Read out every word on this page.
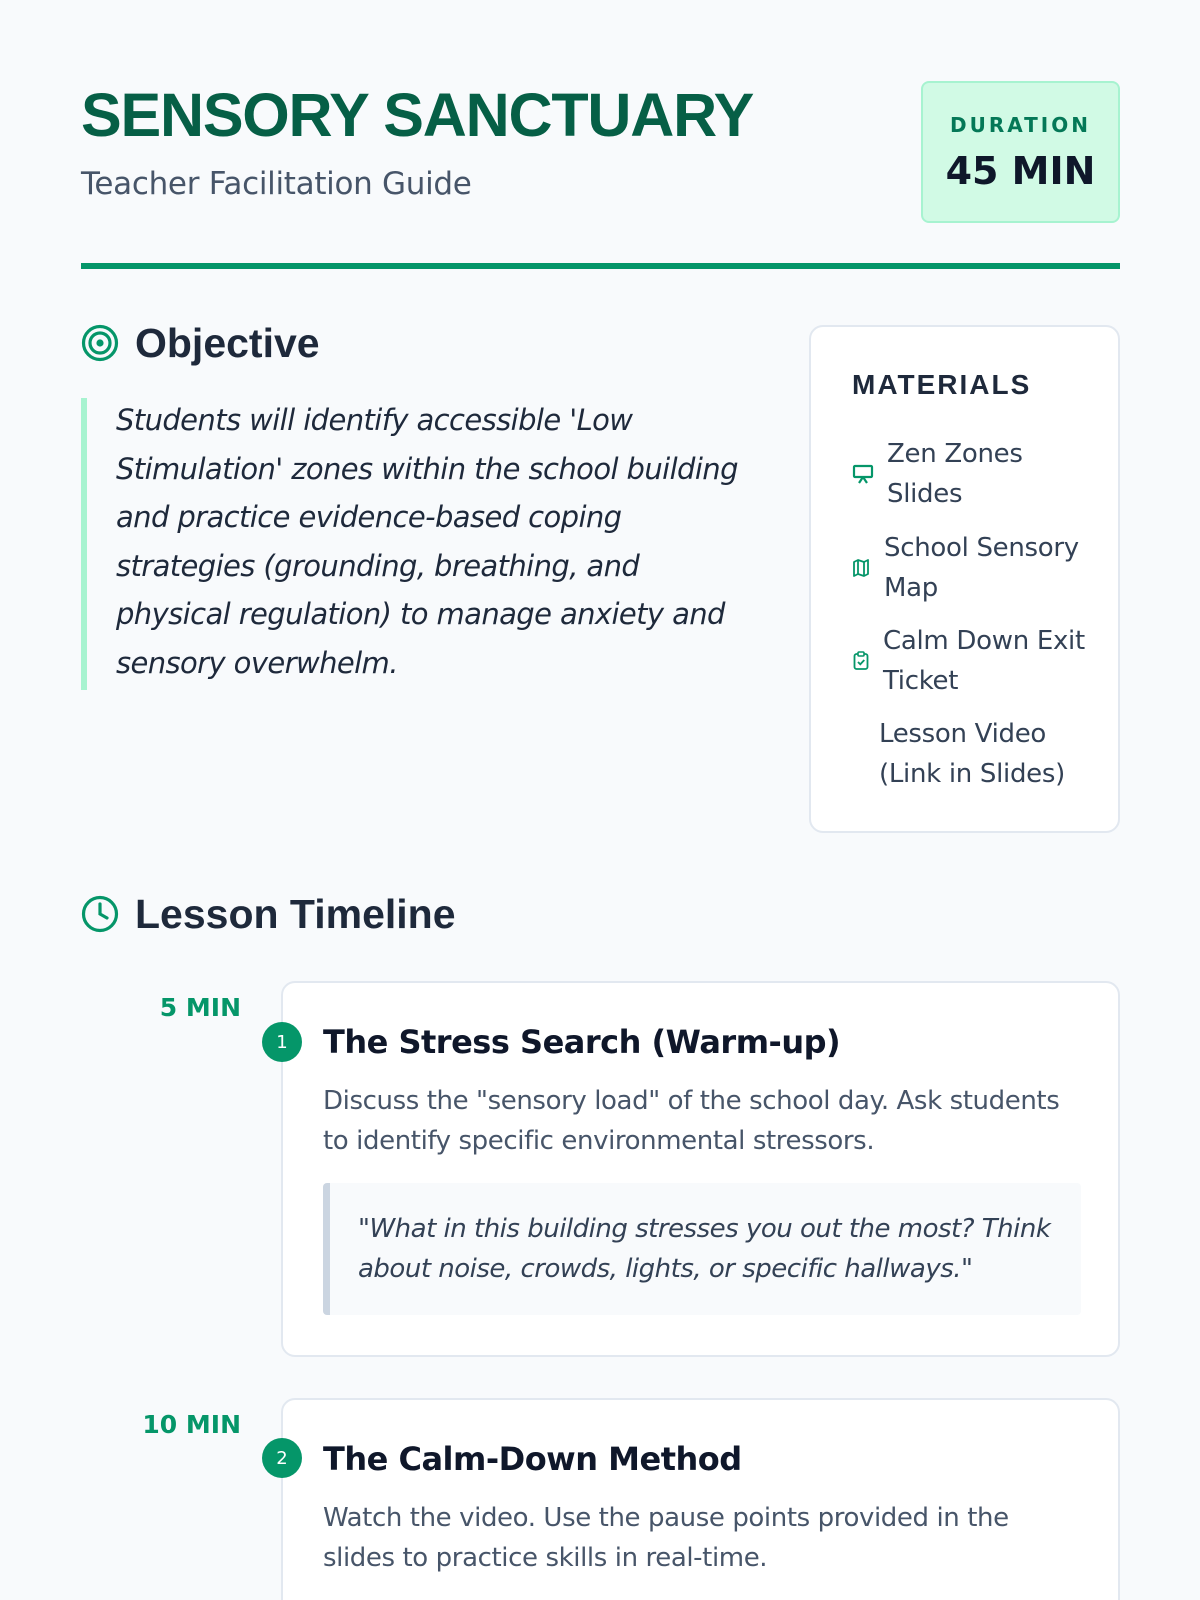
SENSORY SANCTUARY
Teacher Facilitation Guide
DURATION
45 MIN
Objective

Students will identify accessible 'Low Stimulation' zones within the school building and practice evidence-based coping strategies (grounding, breathing, and physical regulation) to manage anxiety and sensory overwhelm.

MATERIALS
Zen Zones Slides
School Sensory Map
Calm Down Exit Ticket
Lesson Video (Link in Slides)
Lesson Timeline
5 MIN
The Stress Search (Warm-up)
Discuss the "sensory load" of the school day. Ask students to identify specific environmental stressors.

"What in this building stresses you out the most? Think about noise, crowds, lights, or specific hallways."

1
10 MIN
The Calm-Down Method
Watch the video. Use the pause points provided in the slides to practice skills in real-time.
2
